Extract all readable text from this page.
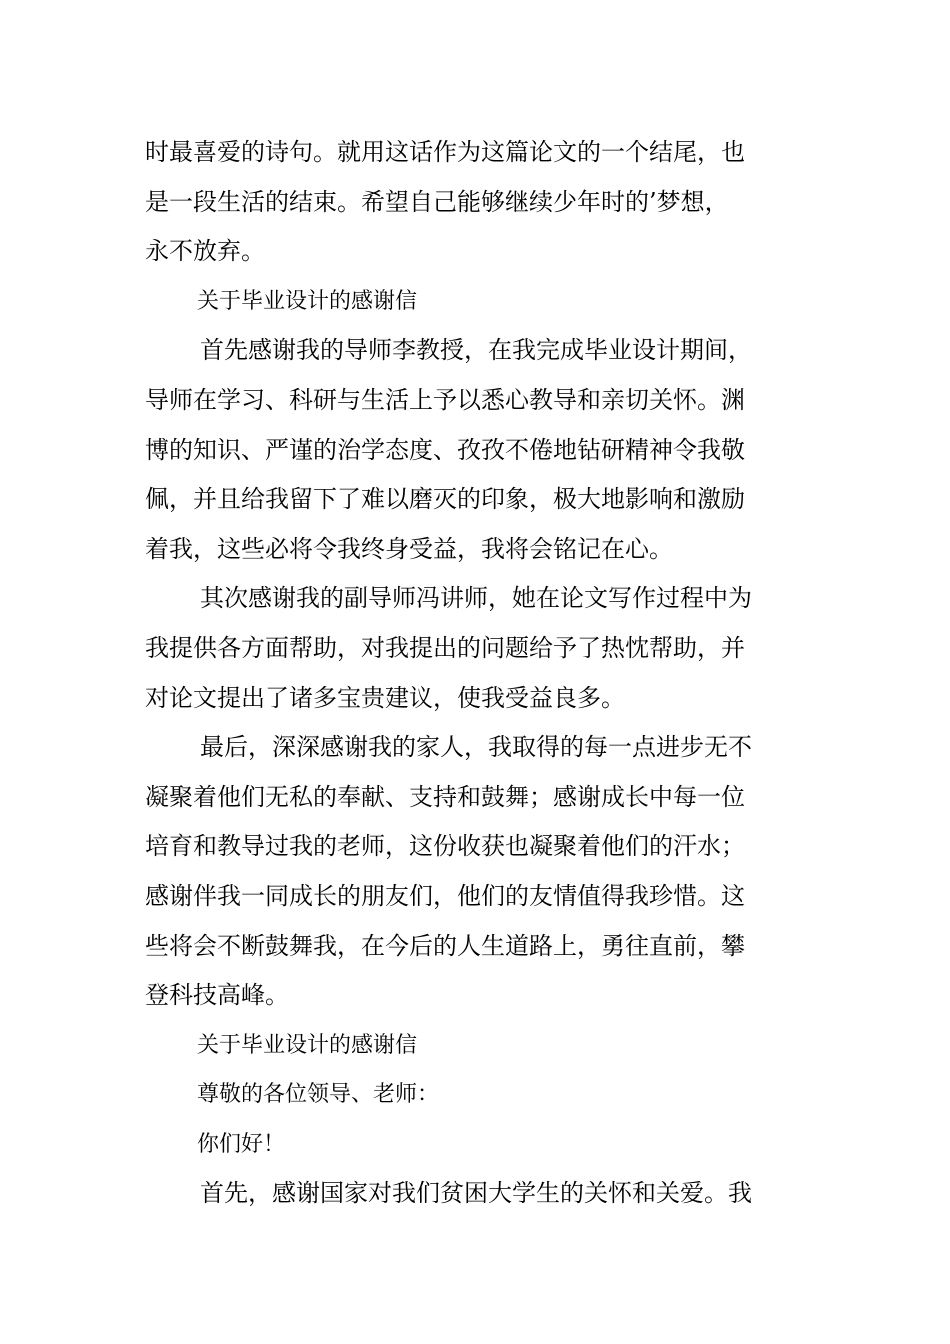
时最喜爱的诗句。就用这话作为这篇论文的一个结尾，也
是一段生活的结束。希望自己能够继续少年时的’梦想，
永不放弃。
关于毕业设计的感谢信
首先感谢我的导师李教授，在我完成毕业设计期间，
导师在学习、科研与生活上予以悉心教导和亲切关怀。渊
博的知识、严谨的治学态度、孜孜不倦地钻研精神令我敬
佩，并且给我留下了难以磨灭的印象，极大地影响和激励
着我，这些必将令我终身受益，我将会铭记在心。
其次感谢我的副导师冯讲师，她在论文写作过程中为
我提供各方面帮助，对我提出的问题给予了热忱帮助，并
对论文提出了诸多宝贵建议，使我受益良多。
最后，深深感谢我的家人，我取得的每一点进步无不
凝聚着他们无私的奉献、支持和鼓舞；感谢成长中每一位
培育和教导过我的老师，这份收获也凝聚着他们的汗水；
感谢伴我一同成长的朋友们，他们的友情值得我珍惜。这
些将会不断鼓舞我，在今后的人生道路上，勇往直前，攀
登科技高峰。
关于毕业设计的感谢信
尊敬的各位领导、老师：
你们好！
首先，感谢国家对我们贫困大学生的关怀和关爱。我
